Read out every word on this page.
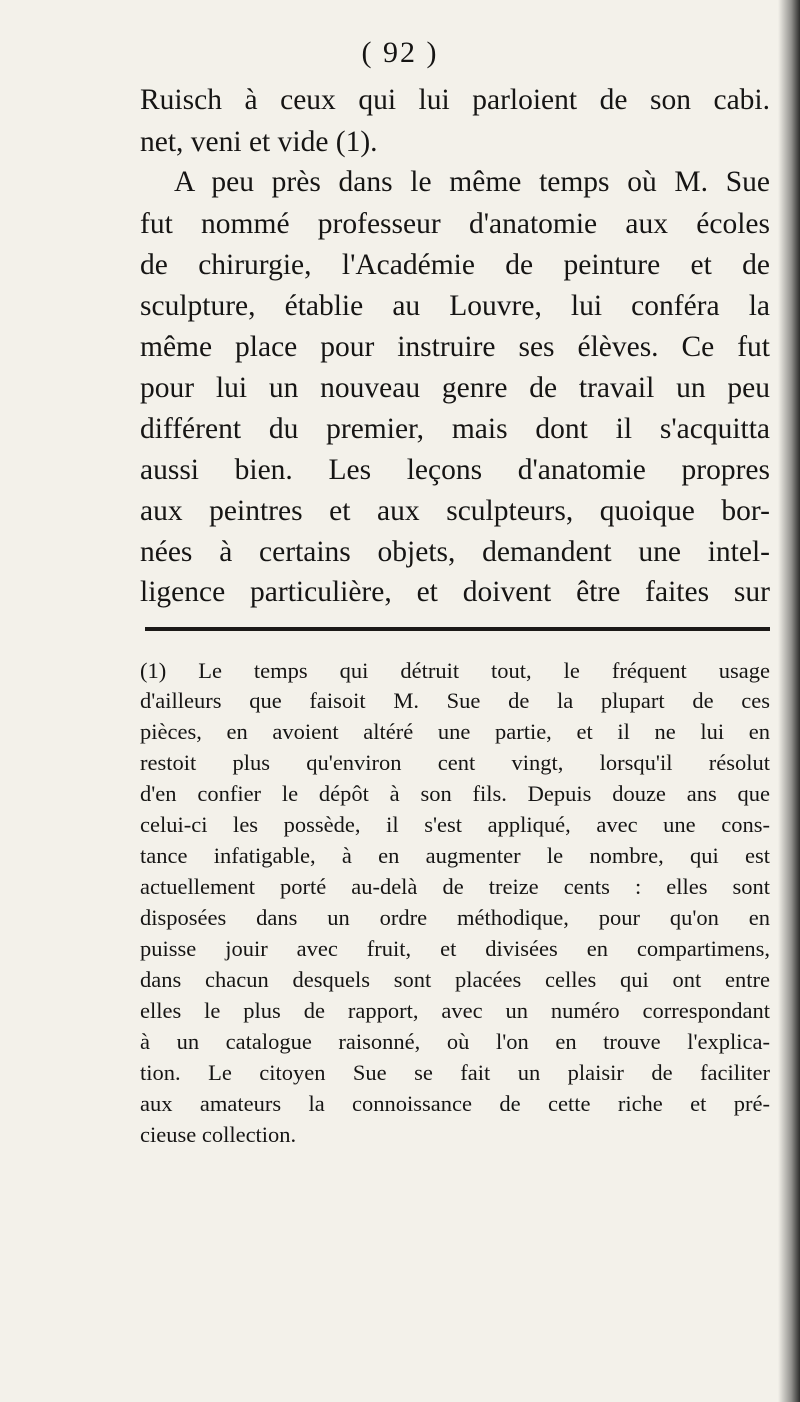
( 92 )
Ruisch à ceux qui lui parloient de son cabi.
net, veni et vide (1).
A peu près dans le même temps où M. Sue
fut nommé professeur d'anatomie aux écoles
de chirurgie, l'Académie de peinture et de
sculpture, établie au Louvre, lui conféra la
même place pour instruire ses élèves. Ce fut
pour lui un nouveau genre de travail un peu
différent du premier, mais dont il s'acquitta
aussi bien. Les leçons d'anatomie propres
aux peintres et aux sculpteurs, quoique bor-
nées à certains objets, demandent une intel-
ligence particulière, et doivent être faites sur
(1) Le temps qui détruit tout, le fréquent usage
d'ailleurs que faisoit M. Sue de la plupart de ces
pièces, en avoient altéré une partie, et il ne lui en
restoit plus qu'environ cent vingt, lorsqu'il résolut
d'en confier le dépôt à son fils. Depuis douze ans que
celui-ci les possède, il s'est appliqué, avec une cons-
tance infatigable, à en augmenter le nombre, qui est
actuellement porté au-delà de treize cents : elles sont
disposées dans un ordre méthodique, pour qu'on en
puisse jouir avec fruit, et divisées en compartimens,
dans chacun desquels sont placées celles qui ont entre
elles le plus de rapport, avec un numéro correspondant
à un catalogue raisonné, où l'on en trouve l'explica-
tion. Le citoyen Sue se fait un plaisir de faciliter
aux amateurs la connoissance de cette riche et pré-
cieuse collection.
